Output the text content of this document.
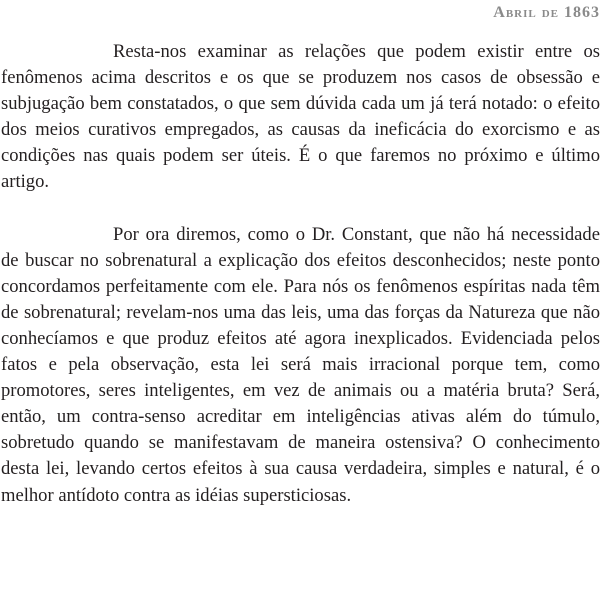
Abril de 1863

Resta-nos examinar as relações que podem existir entre os fenômenos acima descritos e os que se produzem nos casos de obsessão e subjugação bem constatados, o que sem dúvida cada um já terá notado: o efeito dos meios curativos empregados, as causas da ineficácia do exorcismo e as condições nas quais podem ser úteis. É o que faremos no próximo e último artigo.

Por ora diremos, como o Dr. Constant, que não há necessidade de buscar no sobrenatural a explicação dos efeitos desconhecidos; neste ponto concordamos perfeitamente com ele. Para nós os fenômenos espíritas nada têm de sobrenatural; revelam-nos uma das leis, uma das forças da Natureza que não conhecíamos e que produz efeitos até agora inexplicados. Evidenciada pelos fatos e pela observação, esta lei será mais irracional porque tem, como promotores, seres inteligentes, em vez de animais ou a matéria bruta? Será, então, um contra-senso acreditar em inteligências ativas além do túmulo, sobretudo quando se manifestavam de maneira ostensiva? O conhecimento desta lei, levando certos efeitos à sua causa verdadeira, simples e natural, é o melhor antídoto contra as idéias supersticiosas.
